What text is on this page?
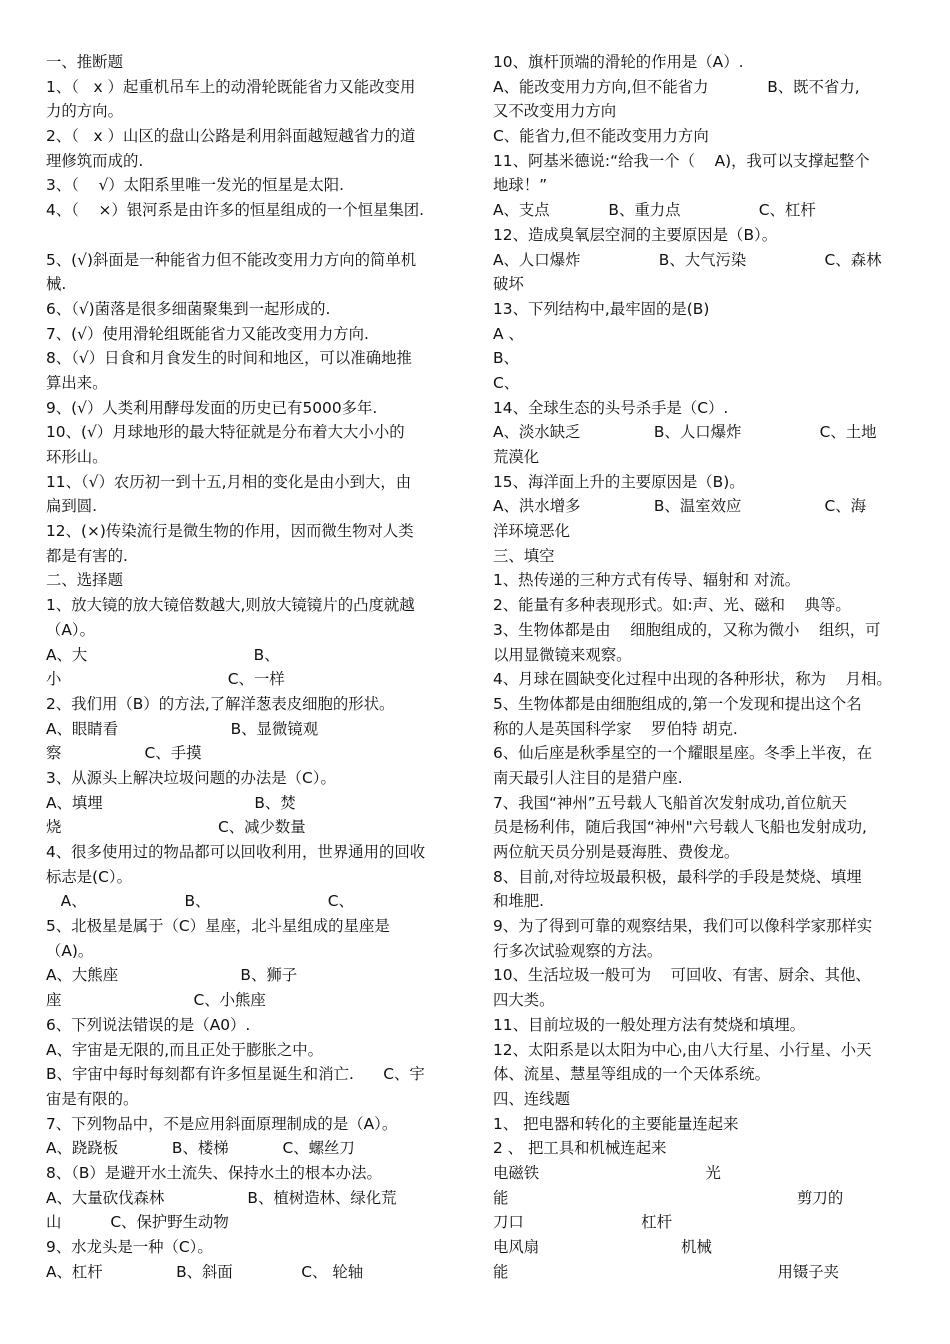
一、推断题
1、（   x ）起重机吊车上的动滑轮既能省力又能改变用
力的方向。
2、（   x ）山区的盘山公路是利用斜面越短越省力的道
理修筑而成的.
3、（    √）太阳系里唯一发光的恒星是太阳.
4、（    ×）银河系是由许多的恒星组成的一个恒星集团.
5、(√)斜面是一种能省力但不能改变用力方向的简单机
械.
6、（√)菌落是很多细菌聚集到一起形成的.
7、(√）使用滑轮组既能省力又能改变用力方向.
8、（√）日食和月食发生的时间和地区，可以准确地推
算出来。
9、(√）人类利用酵母发面的历史已有5000多年.
10、(√）月球地形的最大特征就是分布着大大小小的
环形山。
11、（√）农历初一到十五,月相的变化是由小到大，由
扁到圆.
12、(×)传染流行是微生物的作用，因而微生物对人类
都是有害的.
二、选择题
1、放大镜的放大镜倍数越大,则放大镜镜片的凸度就越
（A）。
A、大                                  B、
小                                  C、一样
2、我们用（B）的方法,了解洋葱表皮细胞的形状。
A、眼睛看                       B、显微镜观
察                 C、手摸
3、从源头上解决垃圾问题的办法是（C）。
A、填埋                               B、焚
烧                                C、减少数量
4、很多使用过的物品都可以回收利用，世界通用的回收
标志是(C）。
A、                    B、                        C、
5、北极星是属于（C）星座，北斗星组成的星座是
（A)。
A、大熊座                         B、狮子
座                           C、小熊座
6、下列说法错误的是（A0）.
A、宇宙是无限的,而且正处于膨胀之中。
B、宇宙中每时每刻都有许多恒星诞生和消亡.      C、宇
宙是有限的。
7、下列物品中，不是应用斜面原理制成的是（A）。
A、跷跷板           B、楼梯           C、螺丝刀
8、（B）是避开水土流失、保持水土的根本办法。
A、大量砍伐森林                 B、植树造林、绿化荒
山          C、保护野生动物
9、水龙头是一种（C）。
A、杠杆               B、斜面              C、 轮轴
10、旗杆顶端的滑轮的作用是（A）.
A、能改变用力方向,但不能省力            B、既不省力,
又不改变用力方向
C、能省力,但不能改变用力方向
11、阿基米德说:“给我一个（    A)，我可以支撑起整个
地球！”
A、支点            B、重力点                C、杠杆
12、造成臭氧层空洞的主要原因是（B）。
A、人口爆炸                B、大气污染                C、森林
破坏
13、下列结构中,最牢固的是(B)
A 、
B、
C、
14、全球生态的头号杀手是（C）.
A、淡水缺乏               B、人口爆炸                C、土地
荒漠化
15、海洋面上升的主要原因是（B)。
A、洪水增多               B、温室效应                 C、海
洋环境恶化
三、填空
1、热传递的三种方式有传导、辐射和 对流。
2、能量有多种表现形式。如:声、光、磁和    典等。
3、生物体都是由    细胞组成的，又称为微小    组织，可
以用显微镜来观察。
4、月球在圆缺变化过程中出现的各种形状，称为    月相。
5、生物体都是由细胞组成的,第一个发现和提出这个名
称的人是英国科学家    罗伯特 胡克.
6、仙后座是秋季星空的一个耀眼星座。冬季上半夜，在
南天最引人注目的是猎户座.
7、我国“神州”五号载人飞船首次发射成功,首位航天
员是杨利伟，随后我国“神州"六号载人飞船也发射成功,
两位航天员分别是聂海胜、费俊龙。
8、目前,对待垃圾最积极，最科学的手段是焚烧、填埋
和堆肥.
9、为了得到可靠的观察结果，我们可以像科学家那样实
行多次试验观察的方法。
10、生活垃圾一般可为    可回收、有害、厨余、其他、
四大类。
11、目前垃圾的一般处理方法有焚烧和填埋。
12、太阳系是以太阳为中心,由八大行星、小行星、小天
体、流星、慧星等组成的一个天体系统。
四、连线题
1、 把电器和转化的主要能量连起来
2 、 把工具和机械连起来
电磁铁                                  光
能                                                           剪刀的
刀口                        杠杆
电风扇                             机械
能                                                       用镊子夹
